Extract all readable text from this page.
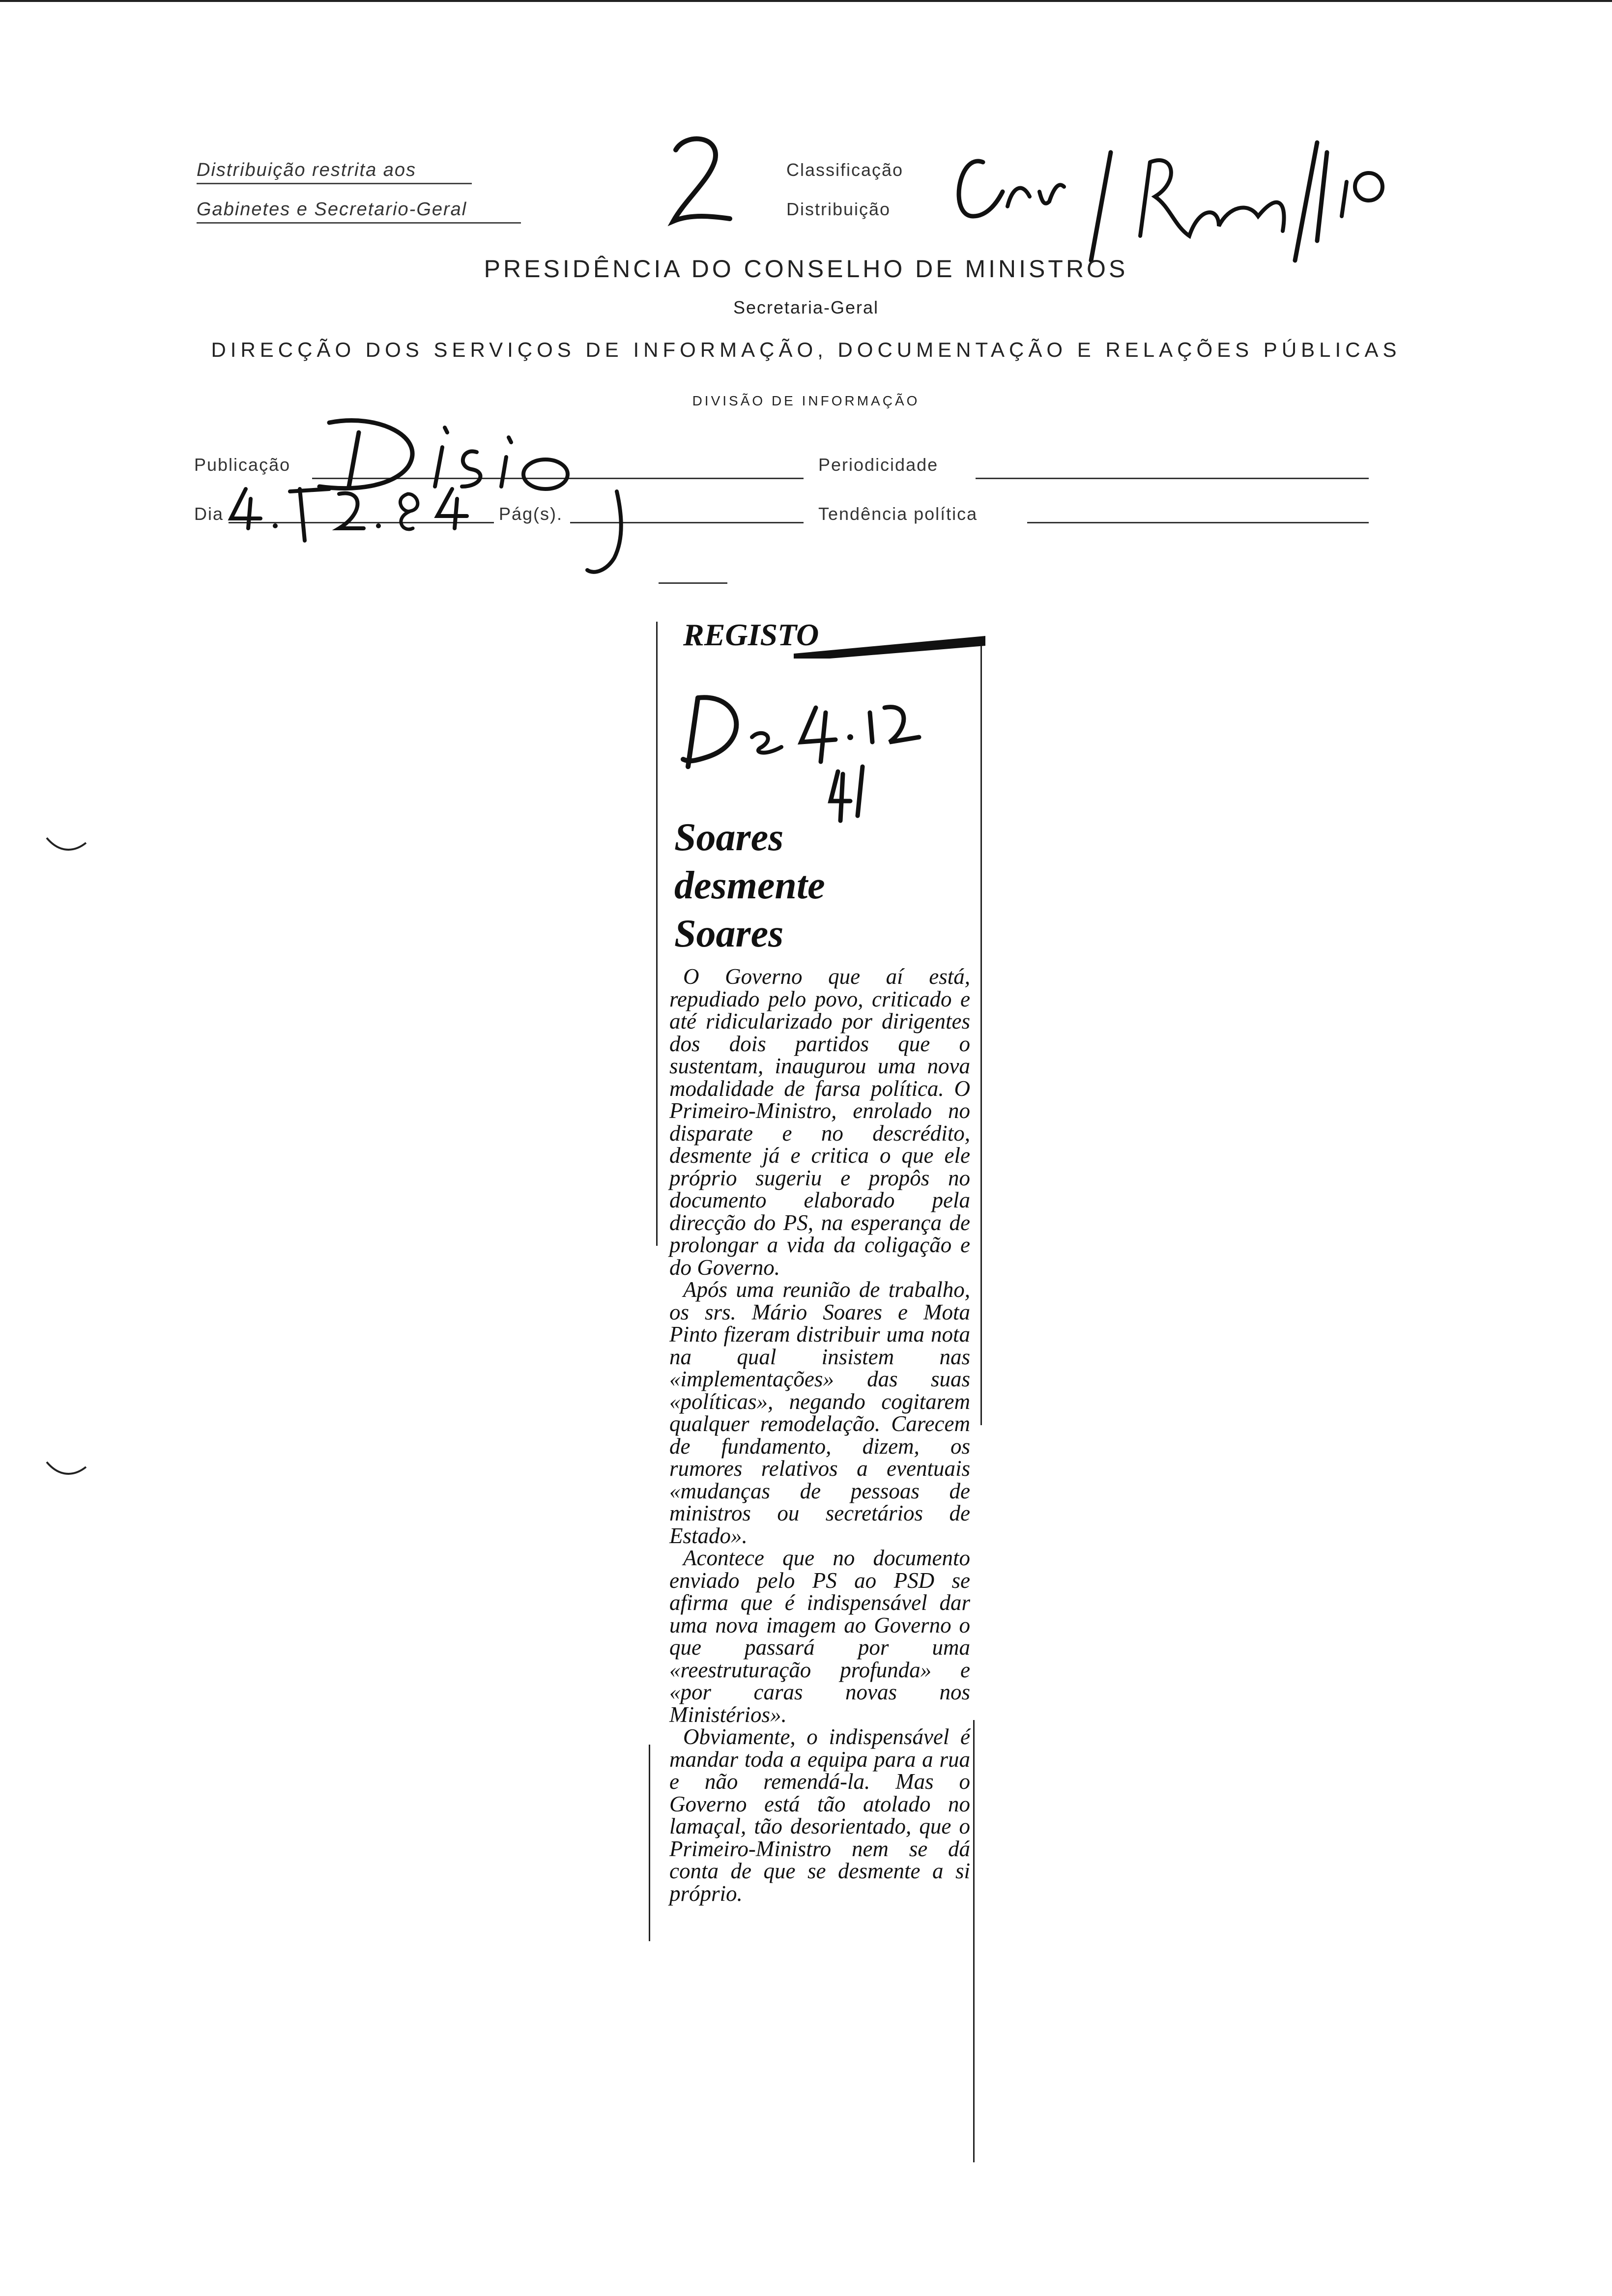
Distribuição restrita aos
Gabinetes e Secretario-Geral
Classificação
Distribuição
PRESIDÊNCIA DO CONSELHO DE MINISTROS
Secretaria-Geral
DIRECÇÃO DOS SERVIÇOS DE INFORMAÇÃO, DOCUMENTAÇÃO E RELAÇÕES PÚBLICAS
DIVISÃO DE INFORMAÇÃO
Publicação	Periodicidade
Dia	Pág(s).	Tendência política
REGISTO
Soares
desmente
Soares

O Governo que aí está, repudiado pelo povo, criticado e até ridicularizado por dirigentes dos dois partidos que o sustentam, inaugurou uma nova modalidade de farsa política. O Primeiro-Ministro, enrolado no disparate e no descrédito, desmente já e critica o que ele próprio sugeriu e propôs no documento elaborado pela direcção do PS, na esperança de prolongar a vida da coligação e do Governo.

Após uma reunião de trabalho, os srs. Mário Soares e Mota Pinto fizeram distribuir uma nota na qual insistem nas «implementações» das suas «políticas», negando cogitarem qualquer remodelação. Carecem de fundamento, dizem, os rumores relativos a eventuais «mudanças de pessoas de ministros ou secretários de Estado».

Acontece que no documento enviado pelo PS ao PSD se afirma que é indispensável dar uma nova imagem ao Governo o que passará por uma «reestruturação profunda» e «por caras novas nos Ministérios».

Obviamente, o indispensável é mandar toda a equipa para a rua e não remendá-la. Mas o Governo está tão atolado no lamaçal, tão desorientado, que o Primeiro-Ministro nem se dá conta de que se desmente a si próprio.
